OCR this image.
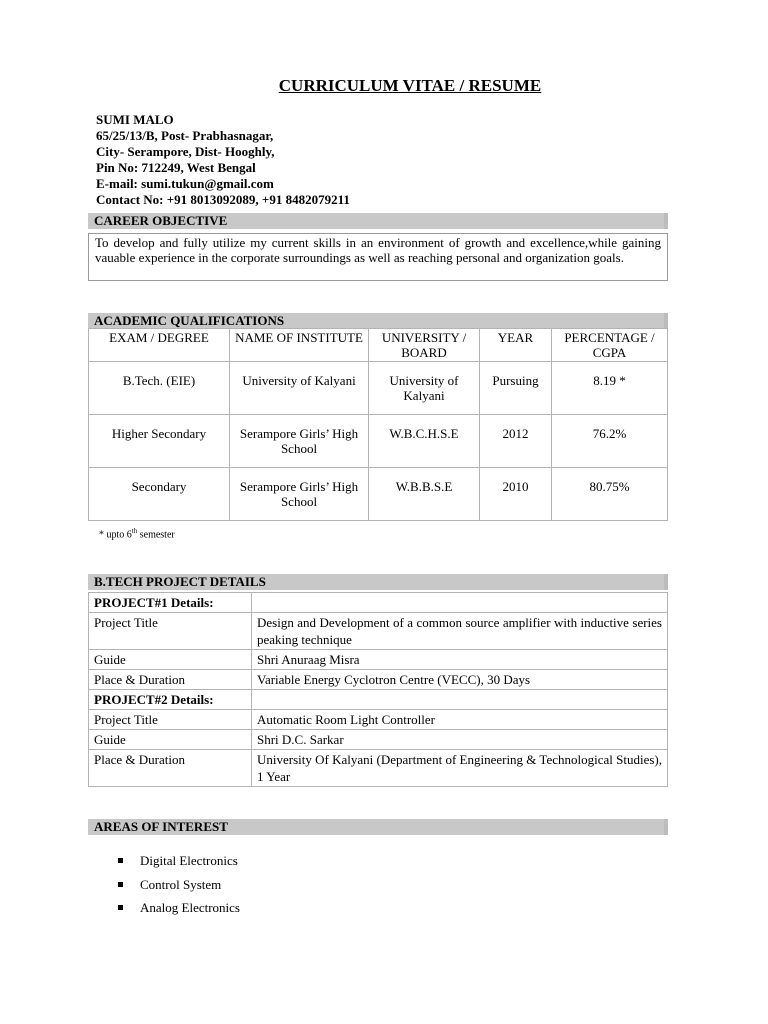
CURRICULUM VITAE / RESUME
SUMI MALO
65/25/13/B, Post- Prabhasnagar,
City- Serampore, Dist- Hooghly,
Pin No: 712249, West Bengal
E-mail: sumi.tukun@gmail.com
Contact No: +91 8013092089, +91 8482079211
CAREER OBJECTIVE
To develop and fully utilize my current skills in an environment of growth and excellence,while gaining vauable experience in the corporate surroundings as well as reaching personal and organization goals.
ACADEMIC QUALIFICATIONS
EXAM / DEGREE	NAME OF INSTITUTE	UNIVERSITY / BOARD	YEAR	PERCENTAGE / CGPA
B.Tech. (EIE)	University of Kalyani	University of Kalyani	Pursuing	8.19 *
Higher Secondary	Serampore Girls’ High School	W.B.C.H.S.E	2012	76.2%
Secondary	Serampore Girls’ High School	W.B.B.S.E	2010	80.75%
* upto 6th semester
B.TECH PROJECT DETAILS
PROJECT#1 Details:	
Project Title	Design and Development of a common source amplifier with inductive series peaking technique
Guide	Shri Anuraag Misra
Place & Duration	Variable Energy Cyclotron Centre (VECC), 30 Days
PROJECT#2 Details:	
Project Title	Automatic Room Light Controller
Guide	Shri D.C. Sarkar
Place & Duration	University Of Kalyani (Department of Engineering & Technological Studies), 1 Year
AREAS OF INTEREST
Digital Electronics
Control System
Analog Electronics
